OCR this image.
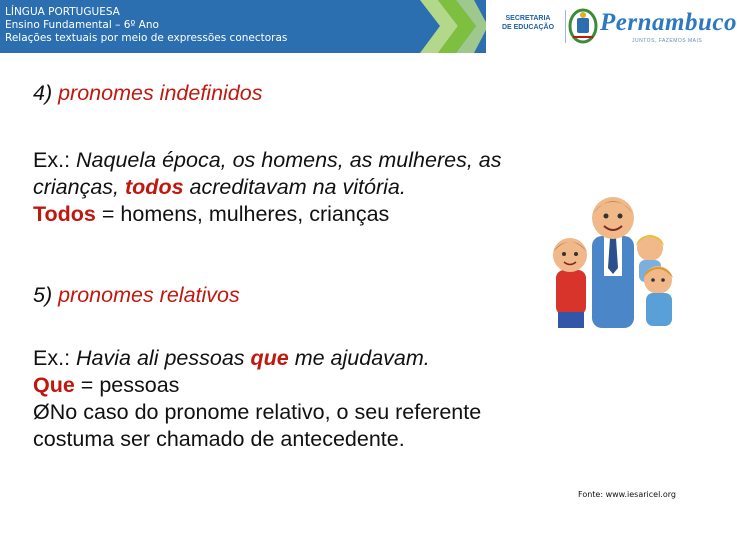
LÍNGUA PORTUGUESA
Ensino Fundamental – 6º Ano
Relações textuais por meio de expressões conectoras
SECRETARIA
DE EDUCAÇÃO Pernambuco
JUNTOS, FAZEMOS MAIS
4) pronomes indefinidos
Ex.: Naquela época, os homens, as mulheres, as
crianças, todos acreditavam na vitória.
Todos = homens, mulheres, crianças
5) pronomes relativos
Ex.: Havia ali pessoas que me ajudavam.
Que = pessoas
ØNo caso do pronome relativo, o seu referente
costuma ser chamado de antecedente.
Fonte: www.iesaricel.org
